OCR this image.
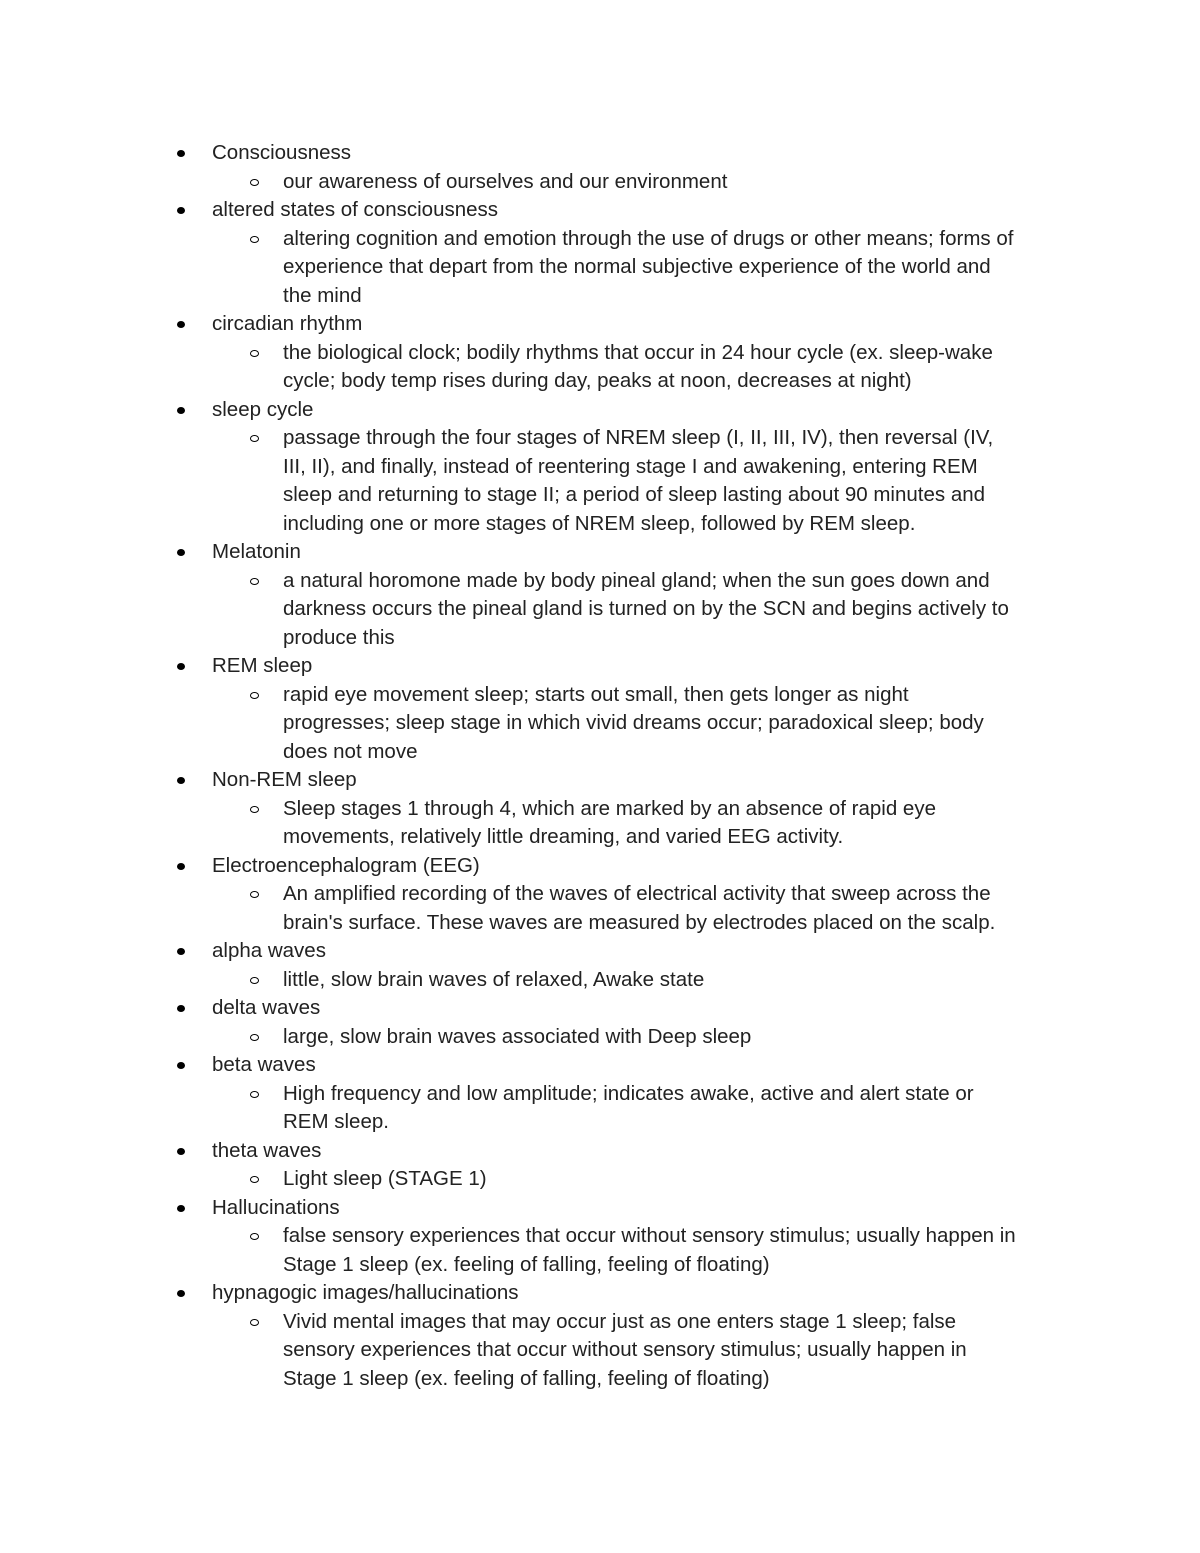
Consciousness
our awareness of ourselves and our environment
altered states of consciousness
altering cognition and emotion through the use of drugs or other means; forms of
experience that depart from the normal subjective experience of the world and
the mind
circadian rhythm
the biological clock; bodily rhythms that occur in 24 hour cycle (ex. sleep-wake
cycle; body temp rises during day, peaks at noon, decreases at night)
sleep cycle
passage through the four stages of NREM sleep (I, II, III, IV), then reversal (IV,
III, II), and finally, instead of reentering stage I and awakening, entering REM
sleep and returning to stage II; a period of sleep lasting about 90 minutes and
including one or more stages of NREM sleep, followed by REM sleep.
Melatonin
a natural horomone made by body pineal gland; when the sun goes down and
darkness occurs the pineal gland is turned on by the SCN and begins actively to
produce this
REM sleep
rapid eye movement sleep; starts out small, then gets longer as night
progresses; sleep stage in which vivid dreams occur; paradoxical sleep; body
does not move
Non-REM sleep
Sleep stages 1 through 4, which are marked by an absence of rapid eye
movements, relatively little dreaming, and varied EEG activity.
Electroencephalogram (EEG)
An amplified recording of the waves of electrical activity that sweep across the
brain's surface. These waves are measured by electrodes placed on the scalp.
alpha waves
little, slow brain waves of relaxed, Awake state
delta waves
large, slow brain waves associated with Deep sleep
beta waves
High frequency and low amplitude; indicates awake, active and alert state or
REM sleep.
theta waves
Light sleep (STAGE 1)
Hallucinations
false sensory experiences that occur without sensory stimulus; usually happen in
Stage 1 sleep (ex. feeling of falling, feeling of floating)
hypnagogic images/hallucinations
Vivid mental images that may occur just as one enters stage 1 sleep; false
sensory experiences that occur without sensory stimulus; usually happen in
Stage 1 sleep (ex. feeling of falling, feeling of floating)
